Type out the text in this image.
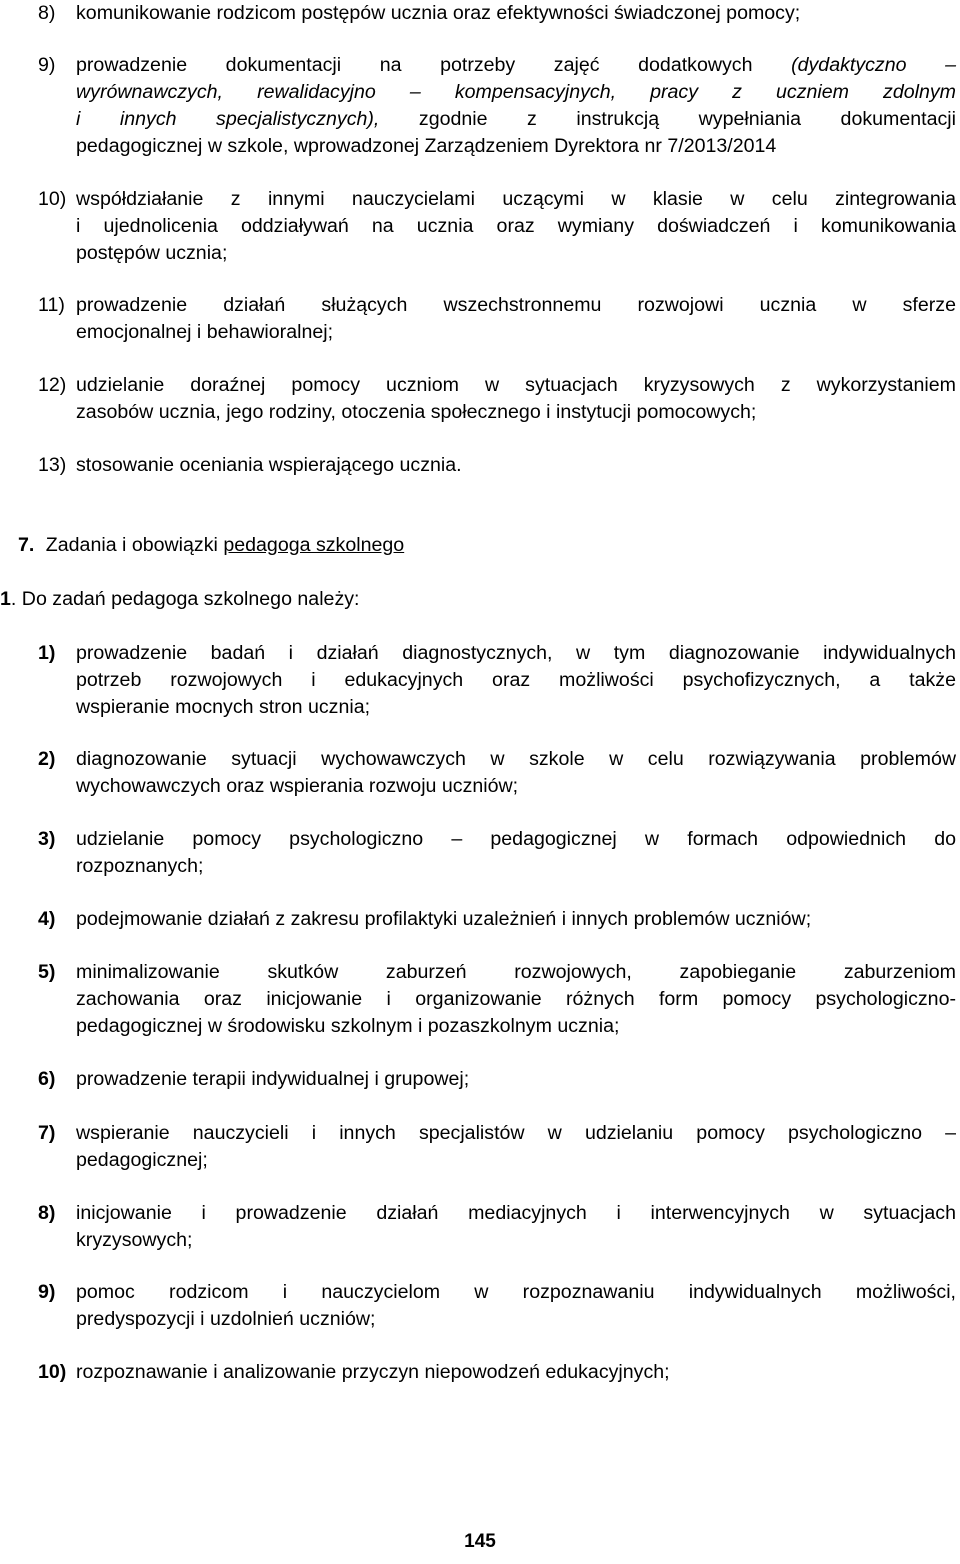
8)	komunikowanie rodzicom postępów ucznia oraz efektywności świadczonej pomocy;
9)	prowadzenie dokumentacji na potrzeby zajęć dodatkowych (dydaktyczno –
wyrównawczych, rewalidacyjno – kompensacyjnych, pracy z uczniem zdolnym
i innych specjalistycznych), zgodnie z instrukcją wypełniania dokumentacji
pedagogicznej w szkole, wprowadzonej Zarządzeniem Dyrektora nr 7/2013/2014
10) współdziałanie z innymi nauczycielami uczącymi w klasie w celu zintegrowania
i ujednolicenia oddziaływań na ucznia oraz wymiany doświadczeń i komunikowania
postępów ucznia;
11) prowadzenie działań służących wszechstronnemu rozwojowi ucznia w sferze
emocjonalnej i behawioralnej;
12) udzielanie doraźnej pomocy uczniom w sytuacjach kryzysowych z wykorzystaniem
zasobów ucznia, jego rodziny, otoczenia społecznego i instytucji pomocowych;
13) stosowanie oceniania wspierającego ucznia.
7. Zadania i obowiązki pedagoga szkolnego
1. Do zadań pedagoga szkolnego należy:
1)	prowadzenie badań i działań diagnostycznych, w tym diagnozowanie indywidualnych
potrzeb rozwojowych i edukacyjnych oraz możliwości psychofizycznych, a także
wspieranie mocnych stron ucznia;
2)	diagnozowanie sytuacji wychowawczych w szkole w celu rozwiązywania problemów
wychowawczych oraz wspierania rozwoju uczniów;
3)	udzielanie pomocy psychologiczno – pedagogicznej w formach odpowiednich do
rozpoznanych;
4)	podejmowanie działań z zakresu profilaktyki uzależnień i innych problemów uczniów;
5)	minimalizowanie skutków zaburzeń rozwojowych, zapobieganie zaburzeniom
zachowania oraz inicjowanie i organizowanie różnych form pomocy psychologiczno-
pedagogicznej w środowisku szkolnym i pozaszkolnym ucznia;
6)	prowadzenie terapii indywidualnej i grupowej;
7)	wspieranie nauczycieli i innych specjalistów w udzielaniu pomocy psychologiczno –
pedagogicznej;
8)	inicjowanie i prowadzenie działań mediacyjnych i interwencyjnych w sytuacjach
kryzysowych;
9)	pomoc rodzicom i nauczycielom w rozpoznawaniu indywidualnych możliwości,
predyspozycji i uzdolnień uczniów;
10) rozpoznawanie i analizowanie przyczyn niepowodzeń edukacyjnych;
145
